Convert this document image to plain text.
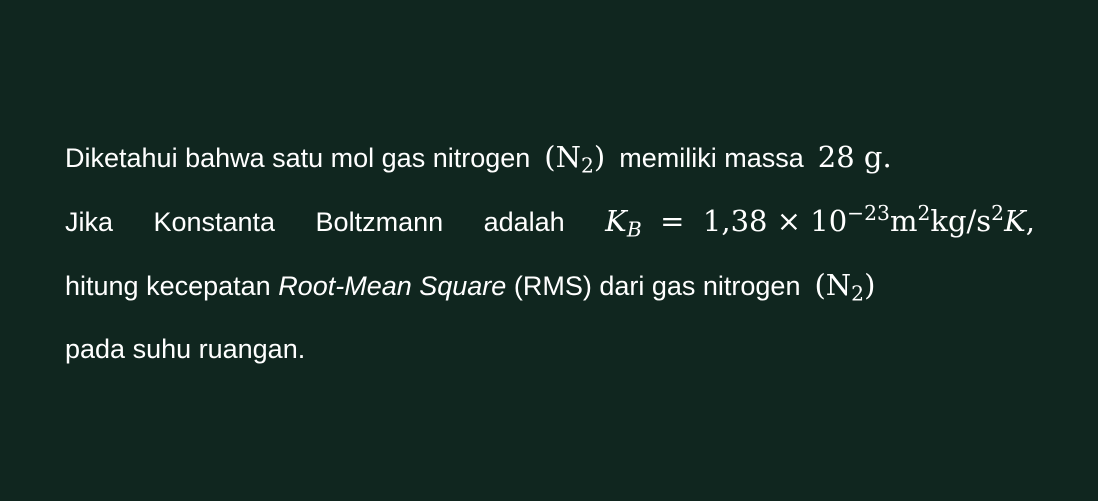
Diketahui bahwa satu mol gas nitrogen $(N_2)$ memiliki massa 28 g.
Jika Konstanta Boltzmann adalah $K_B = 1,38 \times 10^{-23}m^2kg/s^2K$,
hitung kecepatan Root-Mean Square (RMS) dari gas nitrogen $(N_2)$
pada suhu ruangan.
